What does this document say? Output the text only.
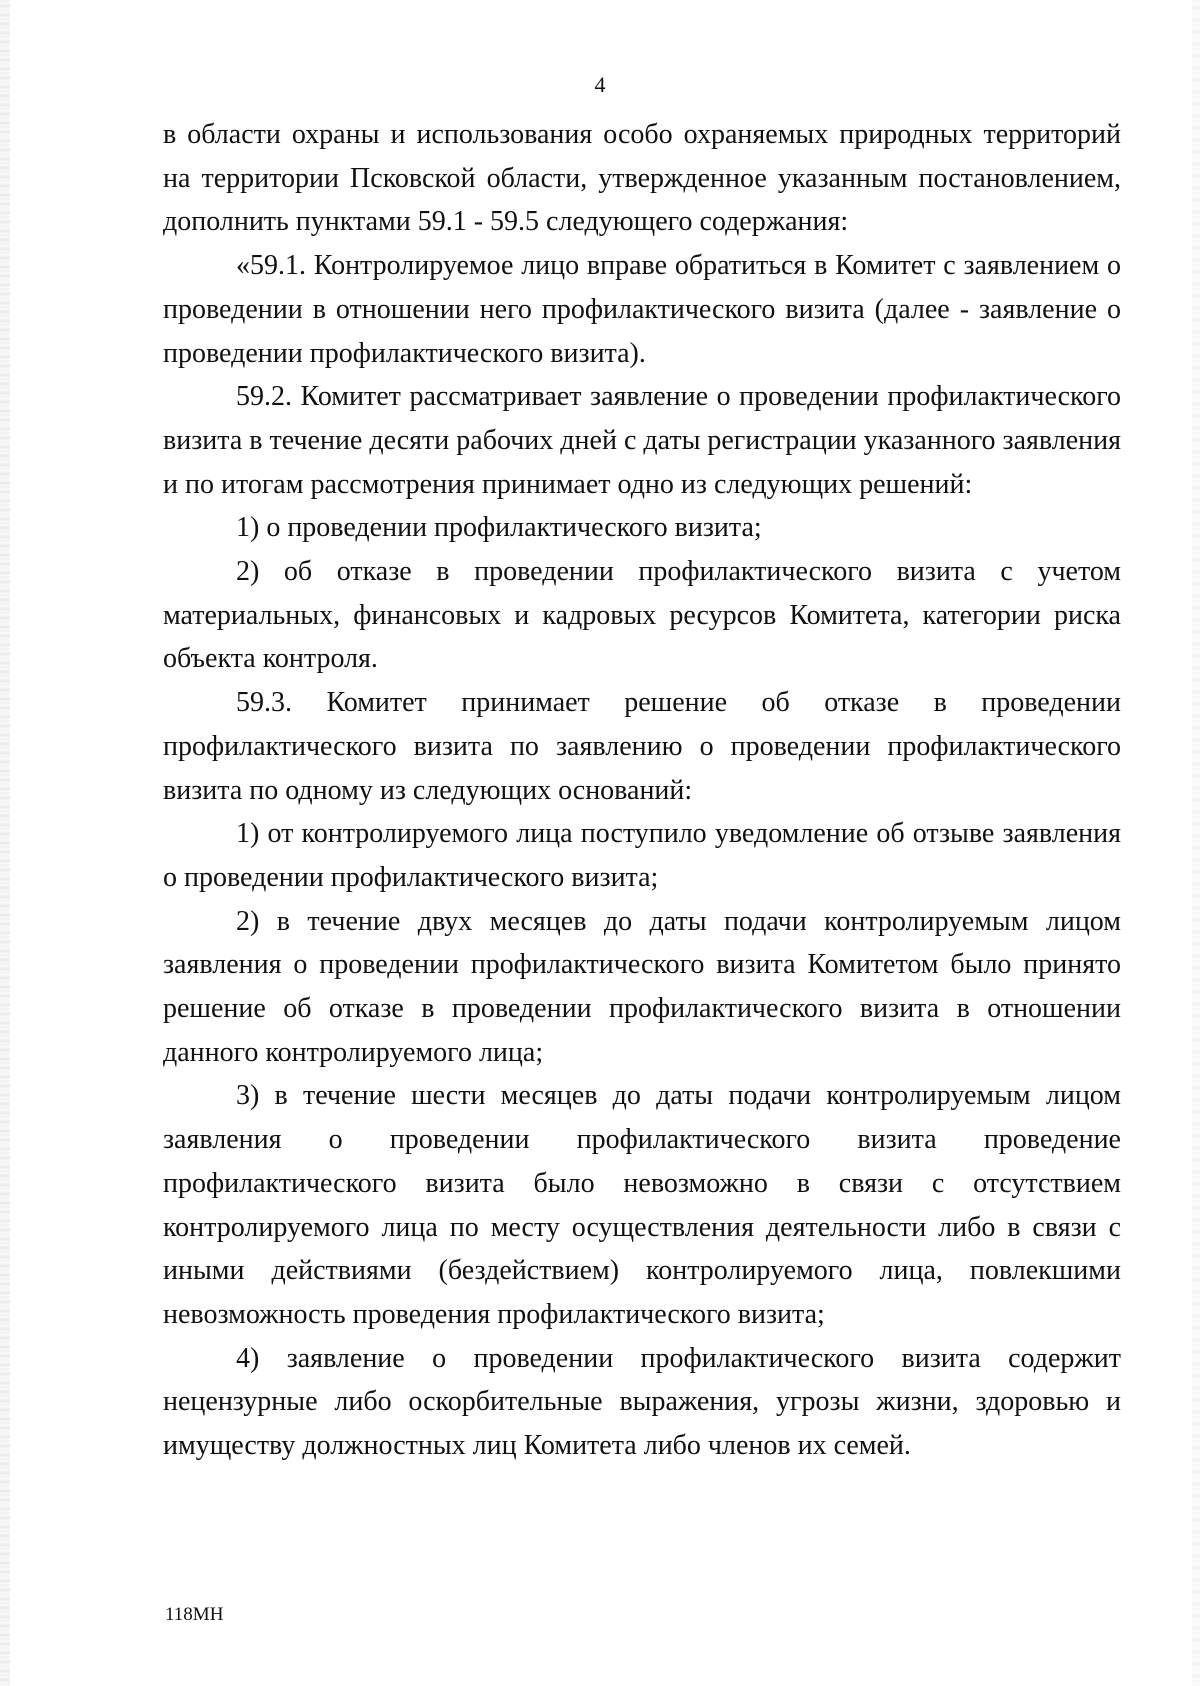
4

в области охраны и использования особо охраняемых природных территорий на территории Псковской области, утвержденное указанным постановлением, дополнить пунктами 59.1 - 59.5 следующего содержания:

«59.1. Контролируемое лицо вправе обратиться в Комитет с заявлением о проведении в отношении него профилактического визита (далее - заявление о проведении профилактического визита).

59.2. Комитет рассматривает заявление о проведении профилактического визита в течение десяти рабочих дней с даты регистрации указанного заявления и по итогам рассмотрения принимает одно из следующих решений:

1) о проведении профилактического визита;

2) об отказе в проведении профилактического визита с учетом материальных, финансовых и кадровых ресурсов Комитета, категории риска объекта контроля.

59.3. Комитет принимает решение об отказе в проведении профилактического визита по заявлению о проведении профилактического визита по одному из следующих оснований:

1) от контролируемого лица поступило уведомление об отзыве заявления о проведении профилактического визита;

2) в течение двух месяцев до даты подачи контролируемым лицом заявления о проведении профилактического визита Комитетом было принято решение об отказе в проведении профилактического визита в отношении данного контролируемого лица;

3) в течение шести месяцев до даты подачи контролируемым лицом заявления о проведении профилактического визита проведение профилактического визита было невозможно в связи с отсутствием контролируемого лица по месту осуществления деятельности либо в связи с иными действиями (бездействием) контролируемого лица, повлекшими невозможность проведения профилактического визита;

4) заявление о проведении профилактического визита содержит нецензурные либо оскорбительные выражения, угрозы жизни, здоровью и имуществу должностных лиц Комитета либо членов их семей.

118МН
